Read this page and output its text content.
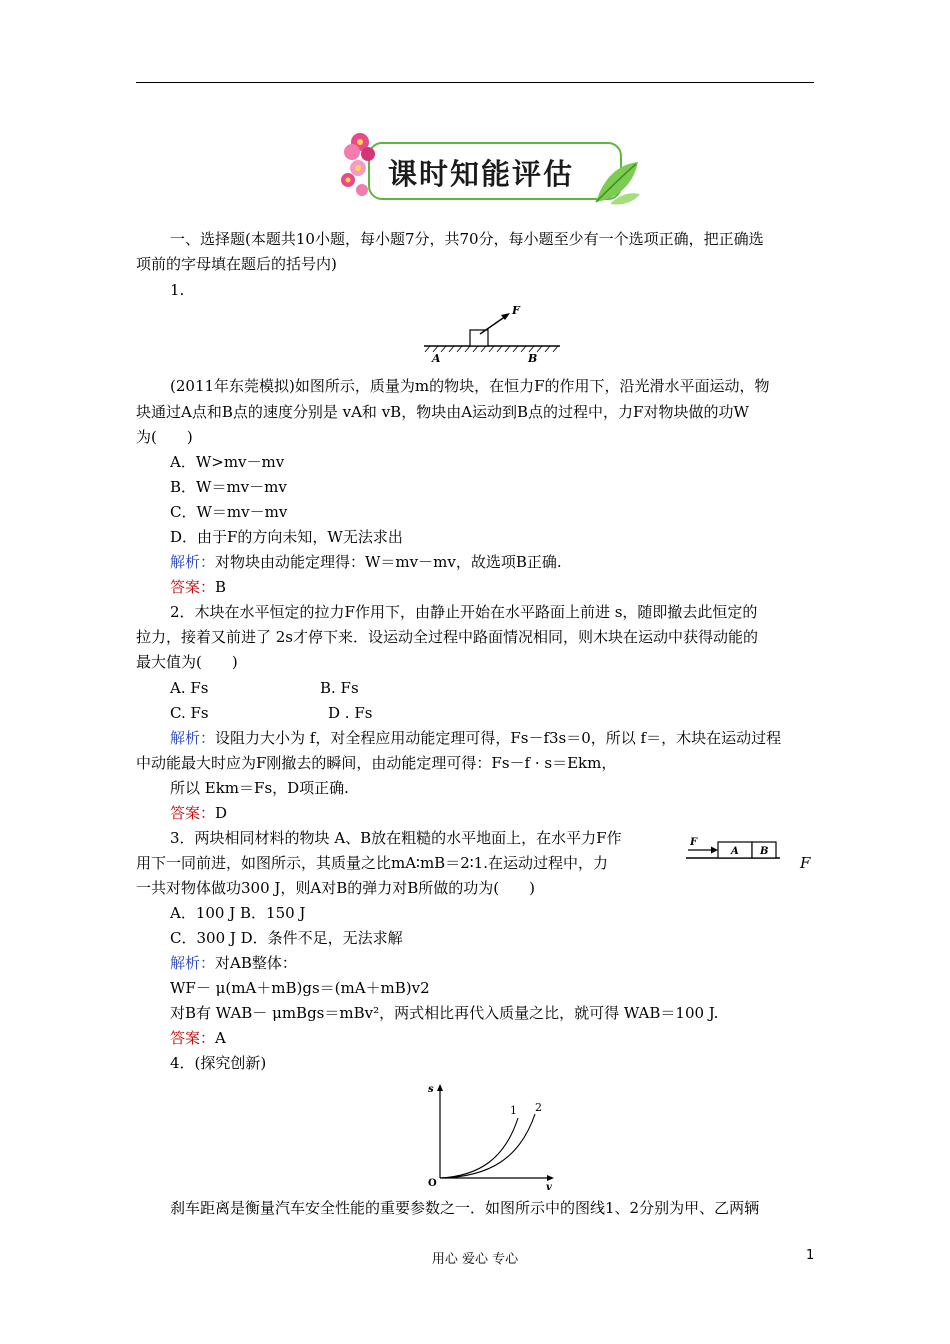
课时知能评估
一、选择题(本题共10小题，每小题7分，共70分，每小题至少有一个选项正确，把正确选
项前的字母填在题后的括号内)
1.
F
A	B
(2011年东莞模拟)如图所示，质量为m的物块，在恒力F的作用下，沿光滑水平面运动，物
块通过A点和B点的速度分别是 vA和 vB，物块由A运动到B点的过程中，力F对物块做的功W
为(　　)
A．W>mv－mv
B．W＝mv－mv
C．W＝mv－mv
D．由于F的方向未知，W无法求出
解析：对物块由动能定理得：W＝mv－mv，故选项B正确.
答案：B
2．木块在水平恒定的拉力F作用下，由静止开始在水平路面上前进 s，随即撤去此恒定的
拉力，接着又前进了 2s才停下来．设运动全过程中路面情况相同，则木块在运动中获得动能的
最大值为(　　)
A. Fs	B. Fs
C. Fs	D . Fs
解析：设阻力大小为 f，对全程应用动能定理可得，Fs－f3s＝0，所以 f＝，木块在运动过程
中动能最大时应为F刚撤去的瞬间，由动能定理可得：Fs－f · s＝Ekm，
所以 Ekm＝Fs，D项正确.
答案：D
3．两块相同材料的物块 A、B放在粗糙的水平地面上，在水平力F作
用下一同前进，如图所示，其质量之比mA∶mB＝2∶1.在运动过程中，力
一共对物体做功300 J，则A对B的弹力对B所做的功为(　　)
F
A B
F
A．100 J B．150 J
C．300 J D．条件不足，无法求解
解析：对AB整体：
WF－ μ(mA＋mB)gs＝(mA＋mB)v2
对B有 WAB－ μmBgs＝mBv²，两式相比再代入质量之比，就可得 WAB＝100 J.
答案：A
4．(探究创新)
s
v
O
1 2
刹车距离是衡量汽车安全性能的重要参数之一．如图所示中的图线1、2分别为甲、乙两辆
用心 爱心 专心	1
